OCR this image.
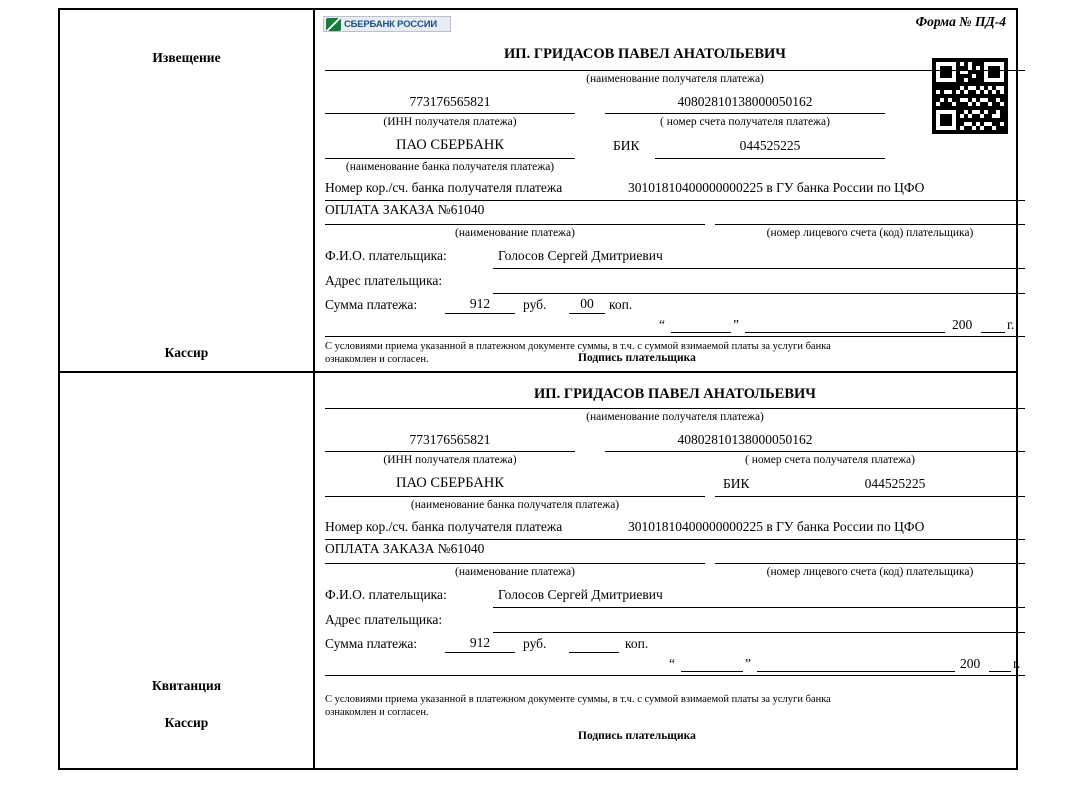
Извещение
Кассир
СБЕРБАНК РОССИИ	Форма № ПД-4
ИП. ГРИДАСОВ ПАВЕЛ АНАТОЛЬЕВИЧ
(наименование получателя платежа)
773176565821
(ИНН получателя платежа)
40802810138000050162
( номер счета получателя платежа)
ПАО СБЕРБАНК
(наименование банка получателя платежа)
БИК	044525225
Номер кор./сч. банка получателя платежа	30101810400000000225 в ГУ банка России по ЦФО
ОПЛАТА ЗАКАЗА №61040
(наименование платежа)	(номер лицевого счета (код) плательщика)
Ф.И.О. плательщика:	Голосов Сергей Дмитриевич
Адрес плательщика:
Сумма платежа:	912	руб.	00	коп.
“	”	200	г.
С условиями приема указанной в платежном документе суммы, в т.ч. с суммой взимаемой платы за услуги банка
ознакомлен и согласен.	Подпись плательщика
Квитанция
Кассир
ИП. ГРИДАСОВ ПАВЕЛ АНАТОЛЬЕВИЧ
(наименование получателя платежа)
773176565821
(ИНН получателя платежа)
40802810138000050162
( номер счета получателя платежа)
ПАО СБЕРБАНК
(наименование банка получателя платежа)
БИК	044525225
Номер кор./сч. банка получателя платежа	30101810400000000225 в ГУ банка России по ЦФО
ОПЛАТА ЗАКАЗА №61040
(наименование платежа)	(номер лицевого счета (код) плательщика)
Ф.И.О. плательщика:	Голосов Сергей Дмитриевич
Адрес плательщика:
Сумма платежа:	912	руб.	коп.
“	”	200 г.
С условиями приема указанной в платежном документе суммы, в т.ч. с суммой взимаемой платы за услуги банка
ознакомлен и согласен.
Подпись плательщика
